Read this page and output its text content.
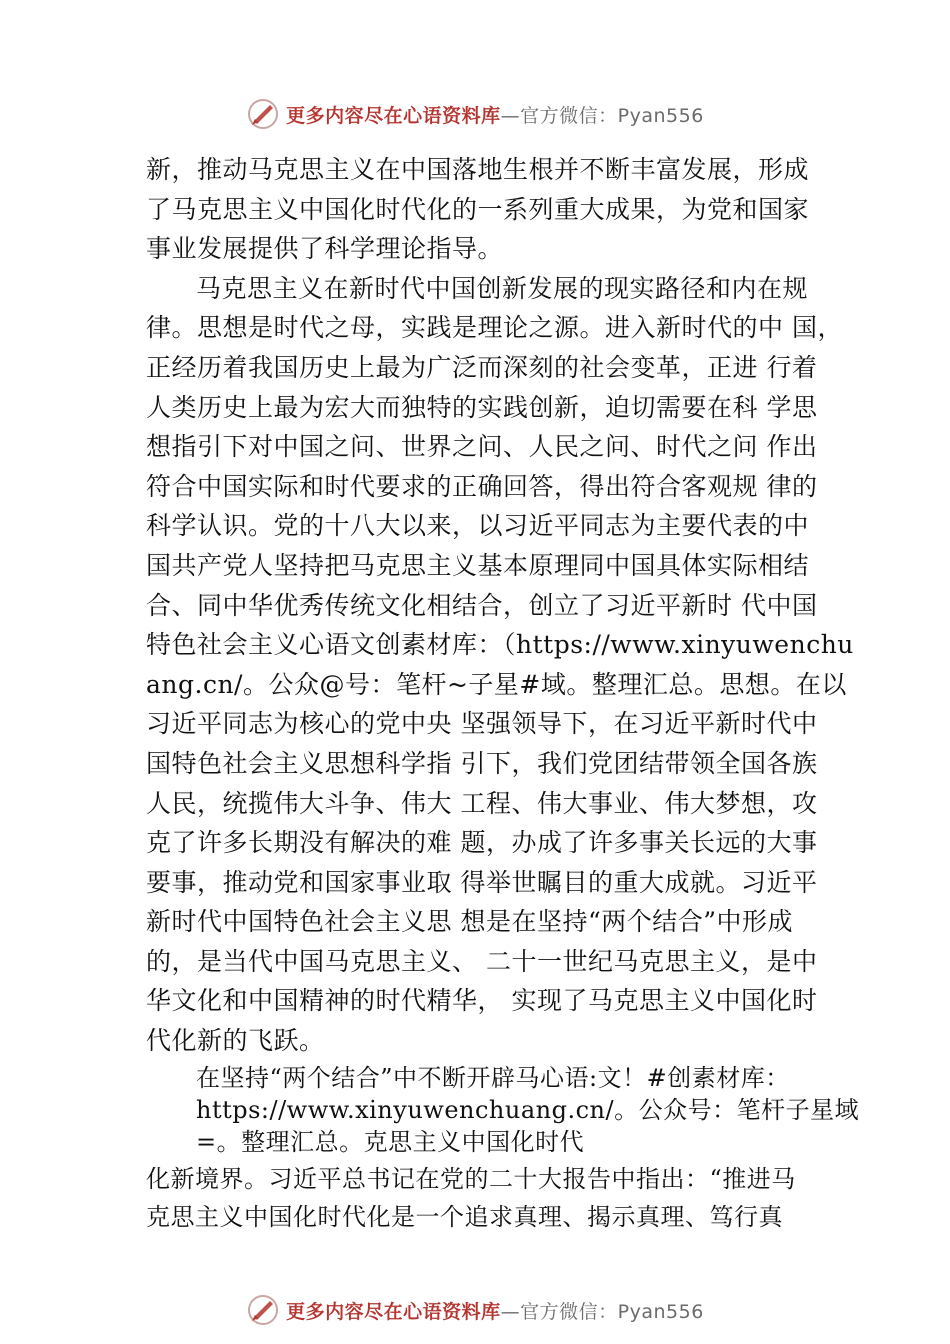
更多内容尽在心语资料库 —官方微信：Pyan556
新，推动马克思主义在中国落地生根并不断丰富发展，形成
了马克思主义中国化时代化的一系列重大成果，为党和国家
事业发展提供了科学理论指导。
马克思主义在新时代中国创新发展的现实路径和内在规
律。思想是时代之母，实践是理论之源。进入新时代的中 国，
正经历着我国历史上最为广泛而深刻的社会变革，正进 行着
人类历史上最为宏大而独特的实践创新，迫切需要在科 学思
想指引下对中国之问、世界之问、人民之问、时代之问 作出
符合中国实际和时代要求的正确回答，得出符合客观规 律的
科学认识。党的十八大以来，以习近平同志为主要代表的中
国共产党人坚持把马克思主义基本原理同中国具体实际相结
合、同中华优秀传统文化相结合，创立了习近平新时 代中国
特色社会主义心语文创素材库：（https://www.xinyuwenchu
ang.cn/。公众@号：笔杆~子星#域。整理汇总。思想。在以
习近平同志为核心的党中央 坚强领导下，在习近平新时代中
国特色社会主义思想科学指 引下，我们党团结带领全国各族
人民，统揽伟大斗争、伟大 工程、伟大事业、伟大梦想，攻
克了许多长期没有解决的难 题，办成了许多事关长远的大事
要事，推动党和国家事业取 得举世瞩目的重大成就。习近平
新时代中国特色社会主义思 想是在坚持“两个结合”中形成
的，是当代中国马克思主义、 二十一世纪马克思主义，是中
华文化和中国精神的时代精华， 实现了马克思主义中国化时
代化新的飞跃。
在坚持“两个结合”中不断开辟马心语:文！#创素材库：
https://www.xinyuwenchuang.cn/。公众号：笔杆子星域
=。整理汇总。克思主义中国化时代
化新境界。习近平总书记在党的二十大报告中指出：“推进马
克思主义中国化时代化是一个追求真理、揭示真理、笃行真
更多内容尽在心语资料库 —官方微信：Pyan556
